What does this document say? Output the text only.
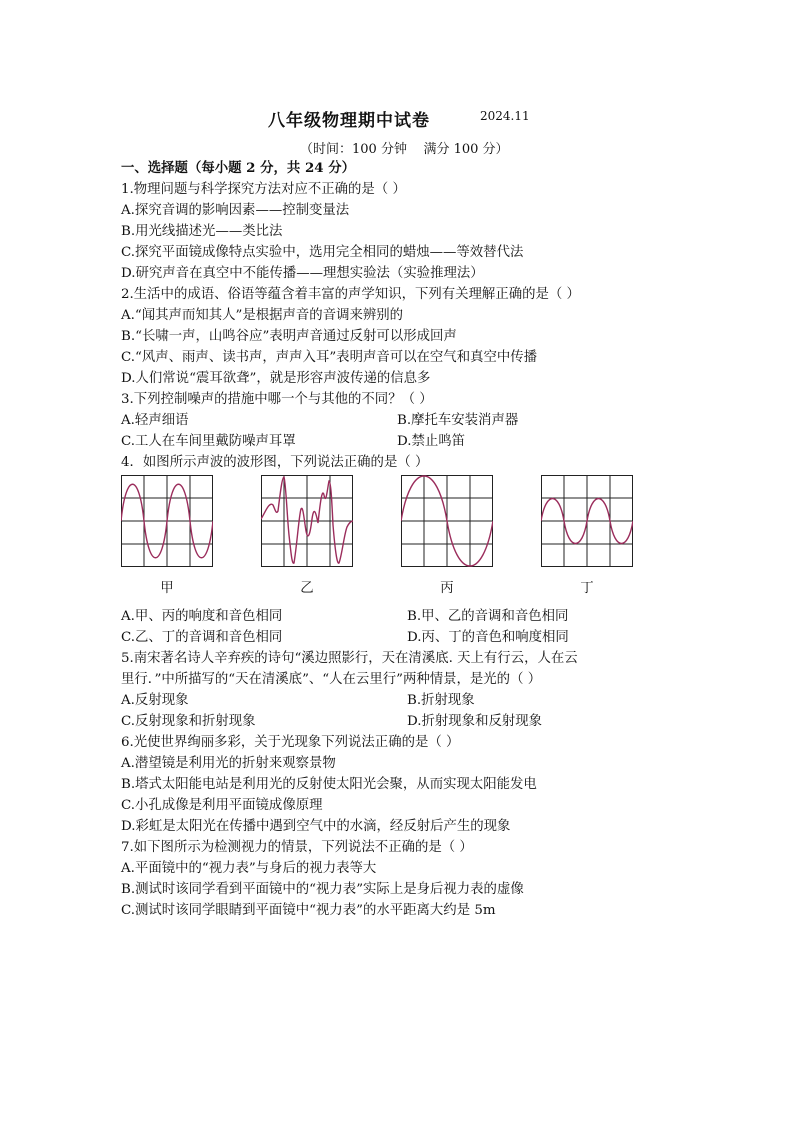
八年级物理期中试卷	2024.11
（时间：100 分钟    满分 100 分）
一、选择题（每小题 2 分，共 24 分）
1.物理问题与科学探究方法对应不正确的是（ ）
A.探究音调的影响因素——控制变量法
B.用光线描述光——类比法
C.探究平面镜成像特点实验中，选用完全相同的蜡烛——等效替代法
D.研究声音在真空中不能传播——理想实验法（实验推理法）
2.生活中的成语、俗语等蕴含着丰富的声学知识，下列有关理解正确的是（ ）
A.“闻其声而知其人”是根据声音的音调来辨别的
B.“长啸一声，山鸣谷应”表明声音通过反射可以形成回声
C.“风声、雨声、读书声，声声入耳”表明声音可以在空气和真空中传播
D.人们常说“震耳欲聋”，就是形容声波传递的信息多
3.下列控制噪声的措施中哪一个与其他的不同？（ ）
A.轻声细语	B.摩托车安装消声器
C.工人在车间里戴防噪声耳罩	D.禁止鸣笛
4．如图所示声波的波形图，下列说法正确的是（ ）
甲	乙	丙	丁
A.甲、丙的响度和音色相同	B.甲、乙的音调和音色相同
C.乙、丁的音调和音色相同	D.丙、丁的音色和响度相同
5.南宋著名诗人辛弃疾的诗句“溪边照影行，天在清溪底. 天上有行云，人在云
里行．”中所描写的“天在清溪底”、“人在云里行”两种情景，是光的（ ）
A.反射现象	B.折射现象
C.反射现象和折射现象	D.折射现象和反射现象
6.光使世界绚丽多彩，关于光现象下列说法正确的是（ ）
A.潜望镜是利用光的折射来观察景物
B.塔式太阳能电站是利用光的反射使太阳光会聚，从而实现太阳能发电
C.小孔成像是利用平面镜成像原理
D.彩虹是太阳光在传播中遇到空气中的水滴，经反射后产生的现象
7.如下图所示为检测视力的情景，下列说法不正确的是（ ）
A.平面镜中的“视力表”与身后的视力表等大
B.测试时该同学看到平面镜中的“视力表”实际上是身后视力表的虚像
C.测试时该同学眼睛到平面镜中“视力表”的水平距离大约是 5m
